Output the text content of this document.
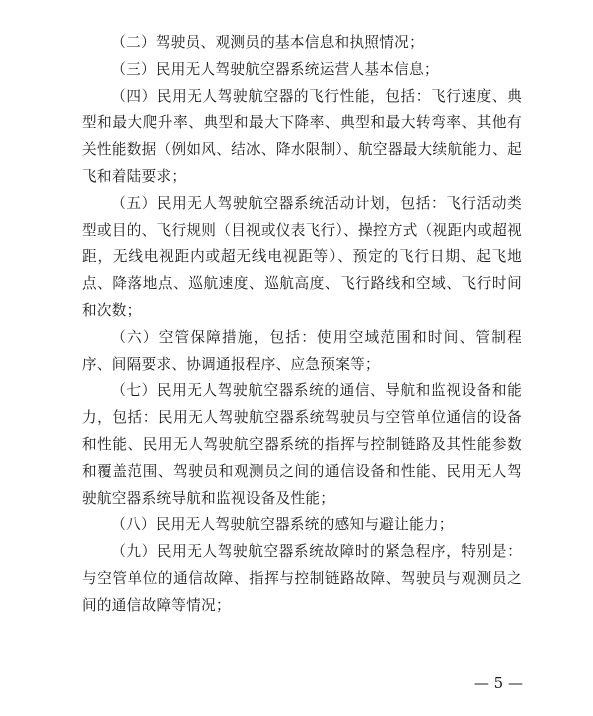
（二）驾驶员、观测员的基本信息和执照情况；

（三）民用无人驾驶航空器系统运营人基本信息；

（四）民用无人驾驶航空器的飞行性能，包括：飞行速度、典型和最大爬升率、典型和最大下降率、典型和最大转弯率、其他有关性能数据（例如风、结冰、降水限制）、航空器最大续航能力、起飞和着陆要求；

（五）民用无人驾驶航空器系统活动计划，包括：飞行活动类型或目的、飞行规则（目视或仪表飞行）、操控方式（视距内或超视距，无线电视距内或超无线电视距等）、预定的飞行日期、起飞地点、降落地点、巡航速度、巡航高度、飞行路线和空域、飞行时间和次数；

（六）空管保障措施，包括：使用空域范围和时间、管制程序、间隔要求、协调通报程序、应急预案等；

（七）民用无人驾驶航空器系统的通信、导航和监视设备和能力，包括：民用无人驾驶航空器系统驾驶员与空管单位通信的设备和性能、民用无人驾驶航空器系统的指挥与控制链路及其性能参数和覆盖范围、驾驶员和观测员之间的通信设备和性能、民用无人驾驶航空器系统导航和监视设备及性能；

（八）民用无人驾驶航空器系统的感知与避让能力；

（九）民用无人驾驶航空器系统故障时的紧急程序，特别是：与空管单位的通信故障、指挥与控制链路故障、驾驶员与观测员之间的通信故障等情况；

— 5 —
